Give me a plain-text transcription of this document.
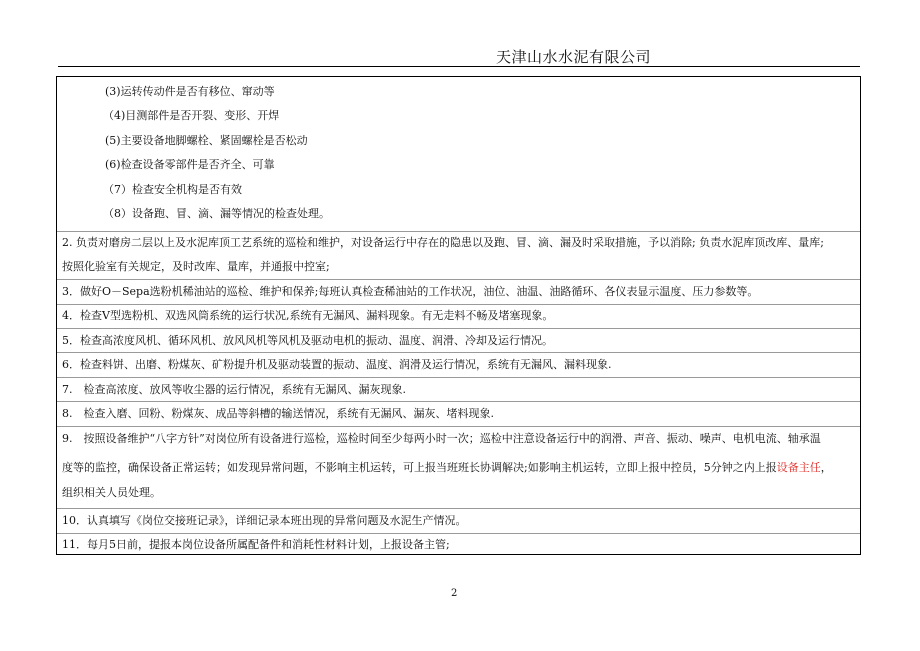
天津山水水泥有限公司
(3)运转传动件是否有移位、窜动等
（4)目测部件是否开裂、变形、开焊
(5)主要设备地脚螺栓、紧固螺栓是否松动
(6)检查设备零部件是否齐全、可靠
（7）检查安全机构是否有效
（8）设备跑、冒、滴、漏等情况的检查处理。
2. 负责对磨房二层以上及水泥库顶工艺系统的巡检和维护，对设备运行中存在的隐患以及跑、冒、滴、漏及时采取措施，予以消除; 负责水泥库顶改库、量库;
按照化验室有关规定，及时改库、量库，并通报中控室;
3．做好O－Sepa选粉机稀油站的巡检、维护和保养;每班认真检查稀油站的工作状况，油位、油温、油路循环、各仪表显示温度、压力参数等。
4．检查V型选粉机、双选风筒系统的运行状况,系统有无漏风、漏料现象。有无走料不畅及堵塞现象。
5．检查高浓度风机、循环风机、放风风机等风机及驱动电机的振动、温度、润滑、冷却及运行情况。
6．检查料饼、出磨、粉煤灰、矿粉提升机及驱动装置的振动、温度、润滑及运行情况，系统有无漏风、漏料现象.
7.　检查高浓度、放风等收尘器的运行情况，系统有无漏风、漏灰现象.
8.　检查入磨、回粉、粉煤灰、成品等斜槽的输送情况，系统有无漏风、漏灰、堵料现象.
9.　按照设备维护“八字方针”对岗位所有设备进行巡检，巡检时间至少每两小时一次；巡检中注意设备运行中的润滑、声音、振动、噪声、电机电流、轴承温
度等的监控，确保设备正常运转；如发现异常问题，不影响主机运转，可上报当班班长协调解决;如影响主机运转，立即上报中控员，5分钟之内上报设备主任，
组织相关人员处理。
10．认真填写《岗位交接班记录》，详细记录本班出现的异常问题及水泥生产情况。
11．每月5日前，提报本岗位设备所属配备件和消耗性材料计划，上报设备主管;
2
